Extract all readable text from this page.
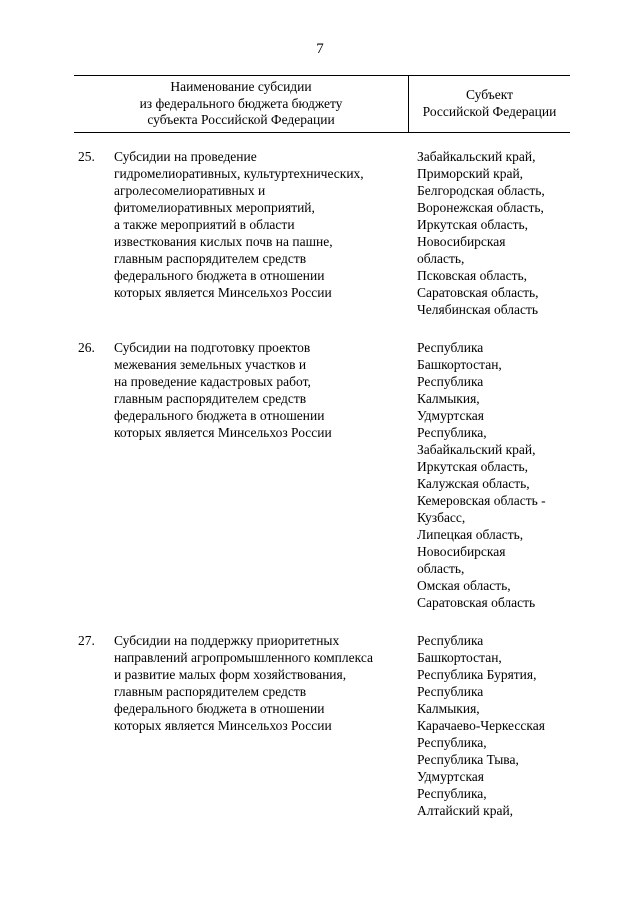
7
Наименование субсидии
из федерального бюджета бюджету
субъекта Российской Федерации
Субъект
Российской Федерации
25. Субсидии на проведение
гидромелиоративных, культуртехнических,
агролесомелиоративных и
фитомелиоративных мероприятий,
а также мероприятий в области
известкования кислых почв на пашне,
главным распорядителем средств
федерального бюджета в отношении
которых является Минсельхоз России
Забайкальский край,
Приморский край,
Белгородская область,
Воронежская область,
Иркутская область,
Новосибирская
область,
Псковская область,
Саратовская область,
Челябинская область
26. Субсидии на подготовку проектов
межевания земельных участков и
на проведение кадастровых работ,
главным распорядителем средств
федерального бюджета в отношении
которых является Минсельхоз России
Республика
Башкортостан,
Республика
Калмыкия,
Удмуртская
Республика,
Забайкальский край,
Иркутская область,
Калужская область,
Кемеровская область -
Кузбасс,
Липецкая область,
Новосибирская
область,
Омская область,
Саратовская область
27. Субсидии на поддержку приоритетных
направлений агропромышленного комплекса
и развитие малых форм хозяйствования,
главным распорядителем средств
федерального бюджета в отношении
которых является Минсельхоз России
Республика
Башкортостан,
Республика Бурятия,
Республика
Калмыкия,
Карачаево-Черкесская
Республика,
Республика Тыва,
Удмуртская
Республика,
Алтайский край,
